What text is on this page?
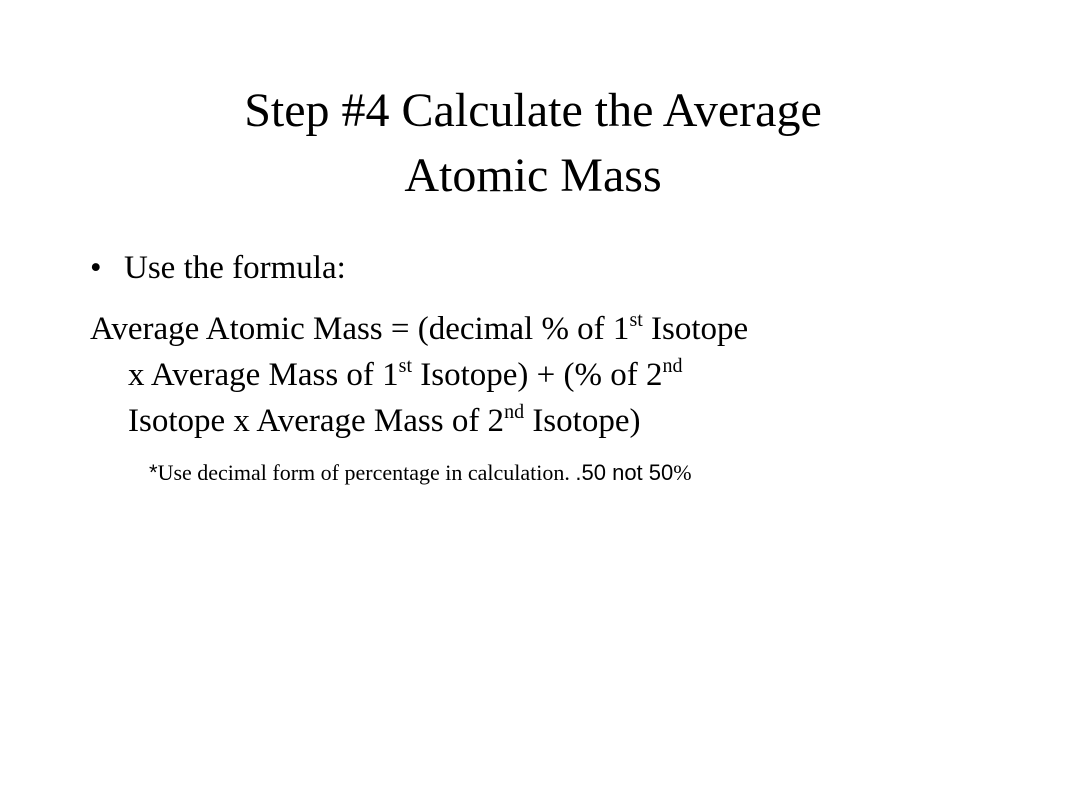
Step #4 Calculate the Average
Atomic Mass
• Use the formula:
Average Atomic Mass = (decimal % of 1st Isotope
x Average Mass of 1st Isotope) + (% of 2nd
Isotope x Average Mass of 2nd Isotope)
*Use decimal form of percentage in calculation. .50 not 50%
